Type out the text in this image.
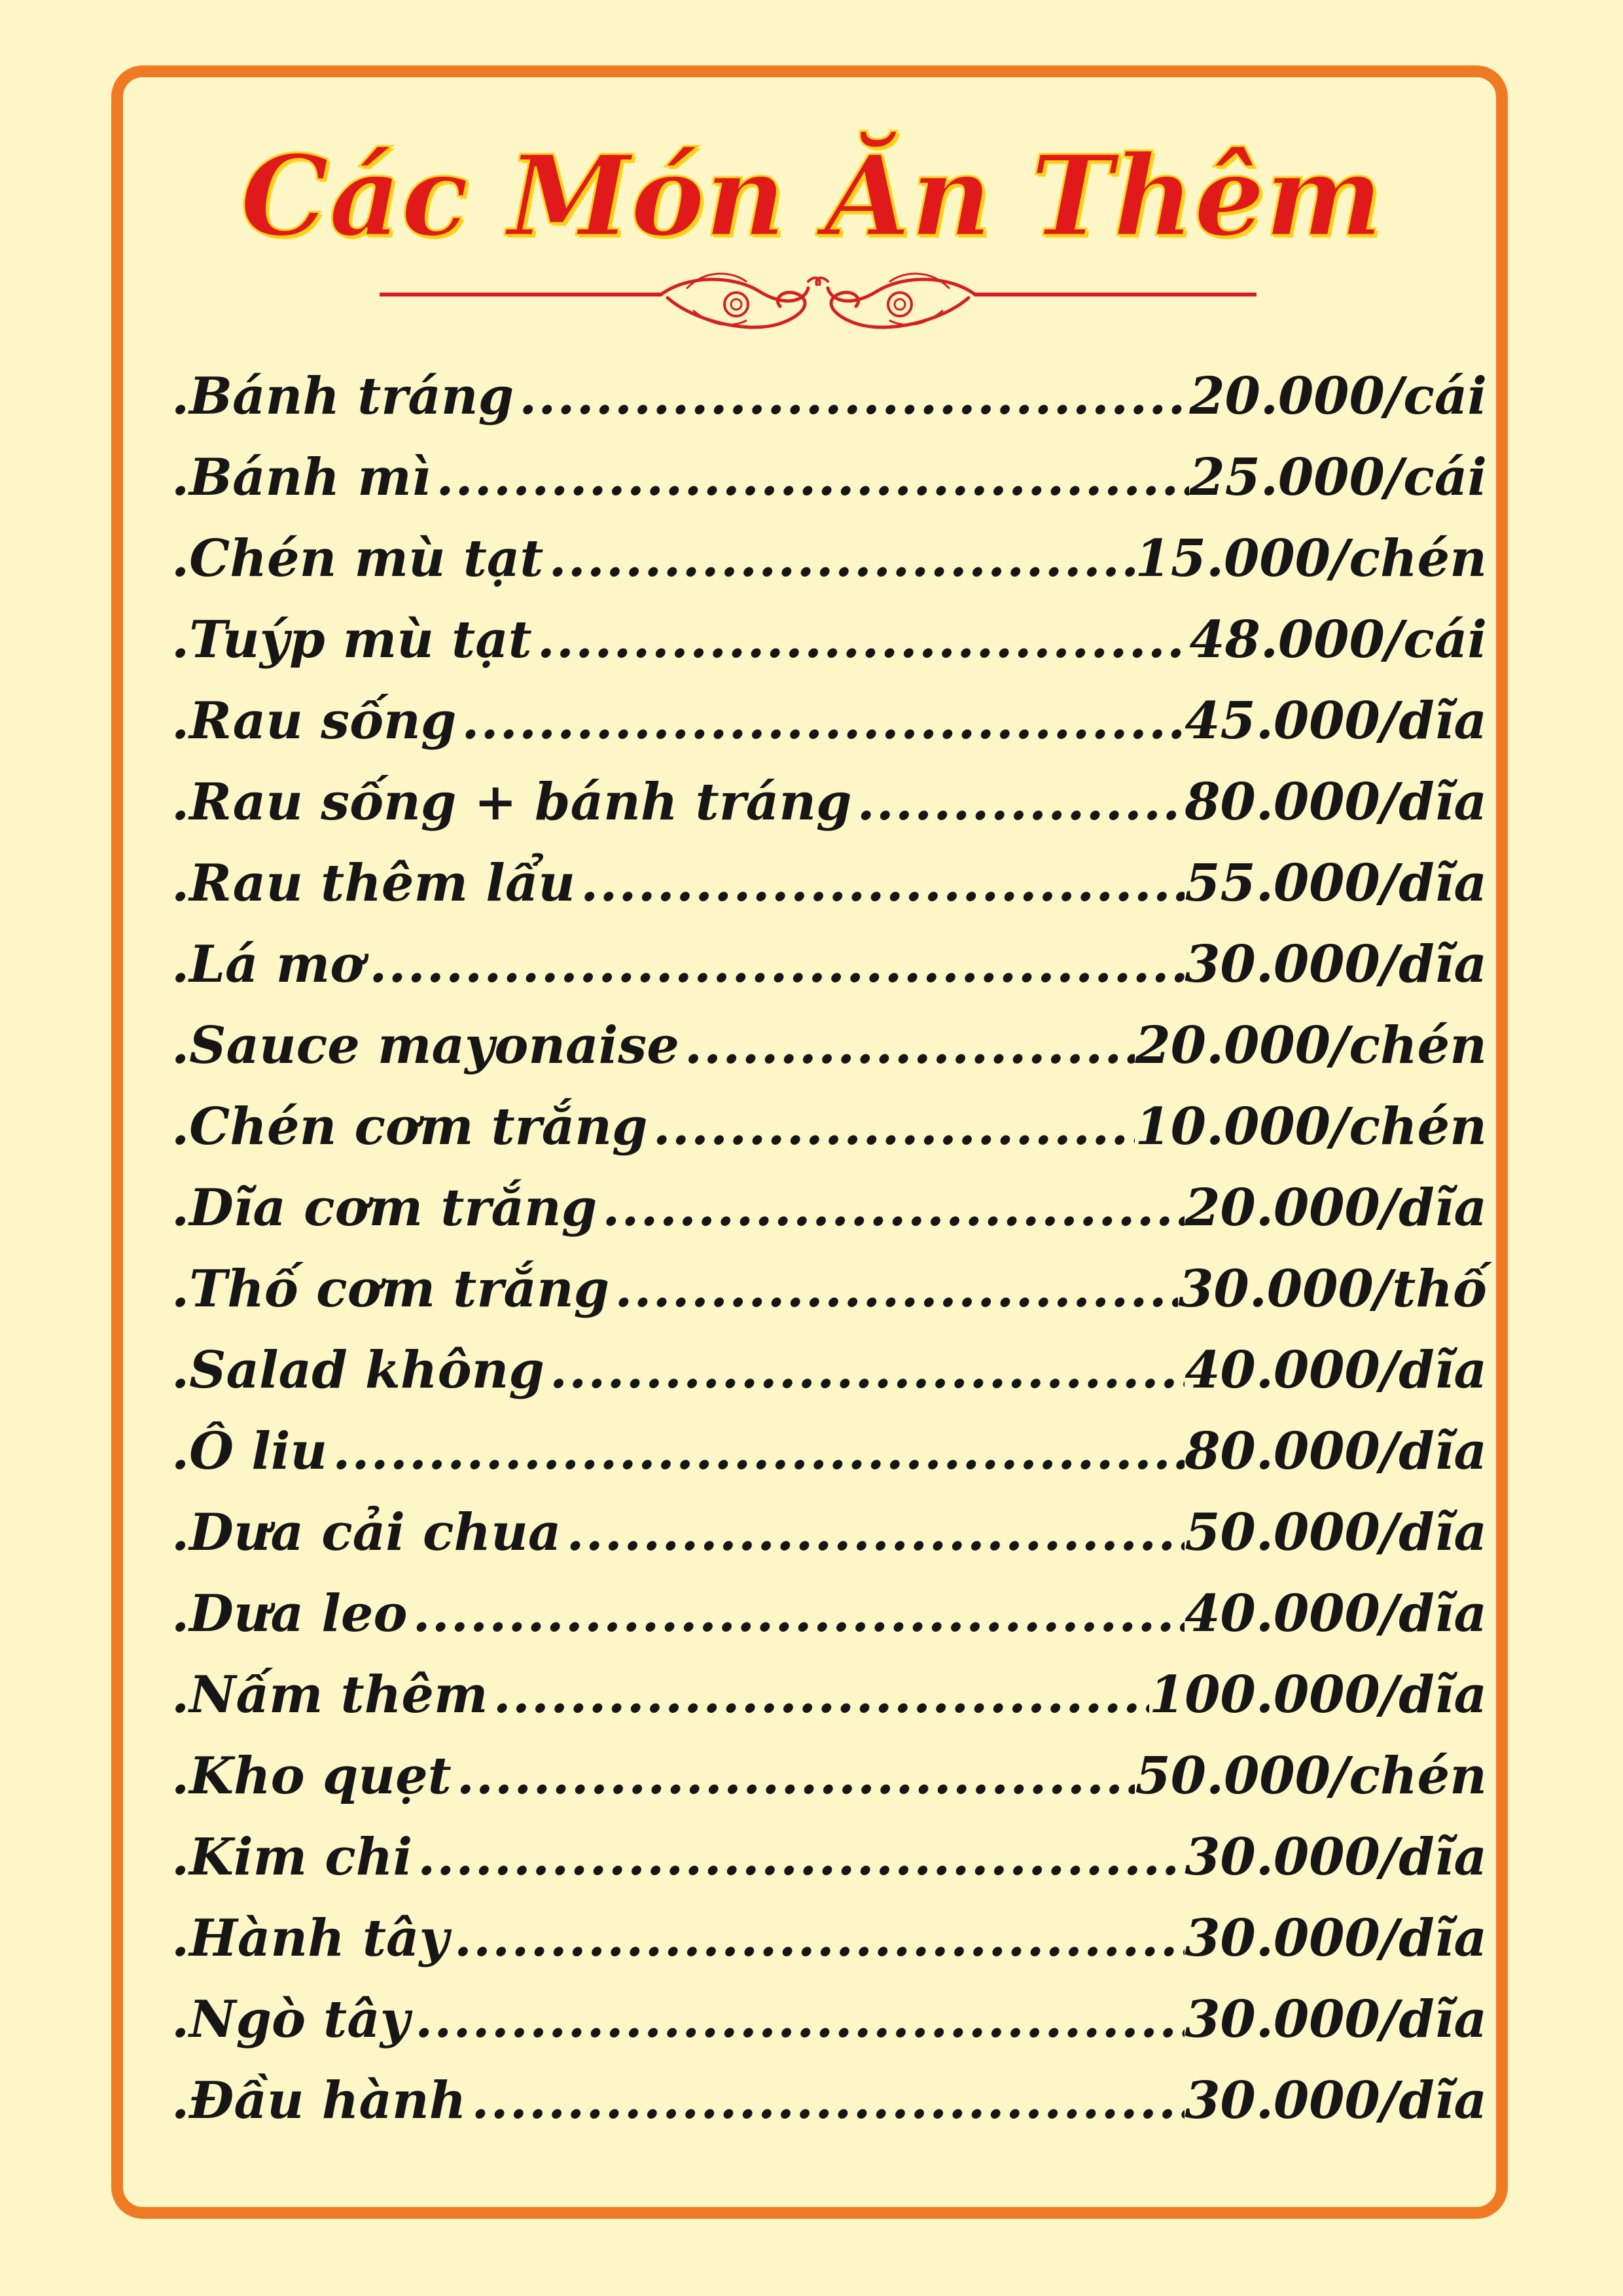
Các Món Ăn Thêm
. Bánh tráng .....	20.000/cái
. Bánh mì .....	25.000/cái
. Chén mù tạt .....	15.000/chén
. Tuýp mù tạt .....	48.000/cái
. Rau sống .....	45.000/dĩa
. Rau sống + bánh tráng .....	80.000/dĩa
. Rau thêm lẩu .....	55.000/dĩa
. Lá mơ .....	30.000/dĩa
. Sauce mayonaise .....	20.000/chén
. Chén cơm trắng .....	10.000/chén
. Dĩa cơm trắng .....	20.000/dĩa
. Thố cơm trắng .....	30.000/thố
. Salad không .....	40.000/dĩa
. Ô liu .....	80.000/dĩa
. Dưa cải chua .....	50.000/dĩa
. Dưa leo .....	40.000/dĩa
. Nấm thêm .....	100.000/dĩa
. Kho quẹt .....	50.000/chén
. Kim chi .....	30.000/dĩa
. Hành tây .....	30.000/dĩa
. Ngò tây .....	30.000/dĩa
. Đầu hành .....	30.000/dĩa
